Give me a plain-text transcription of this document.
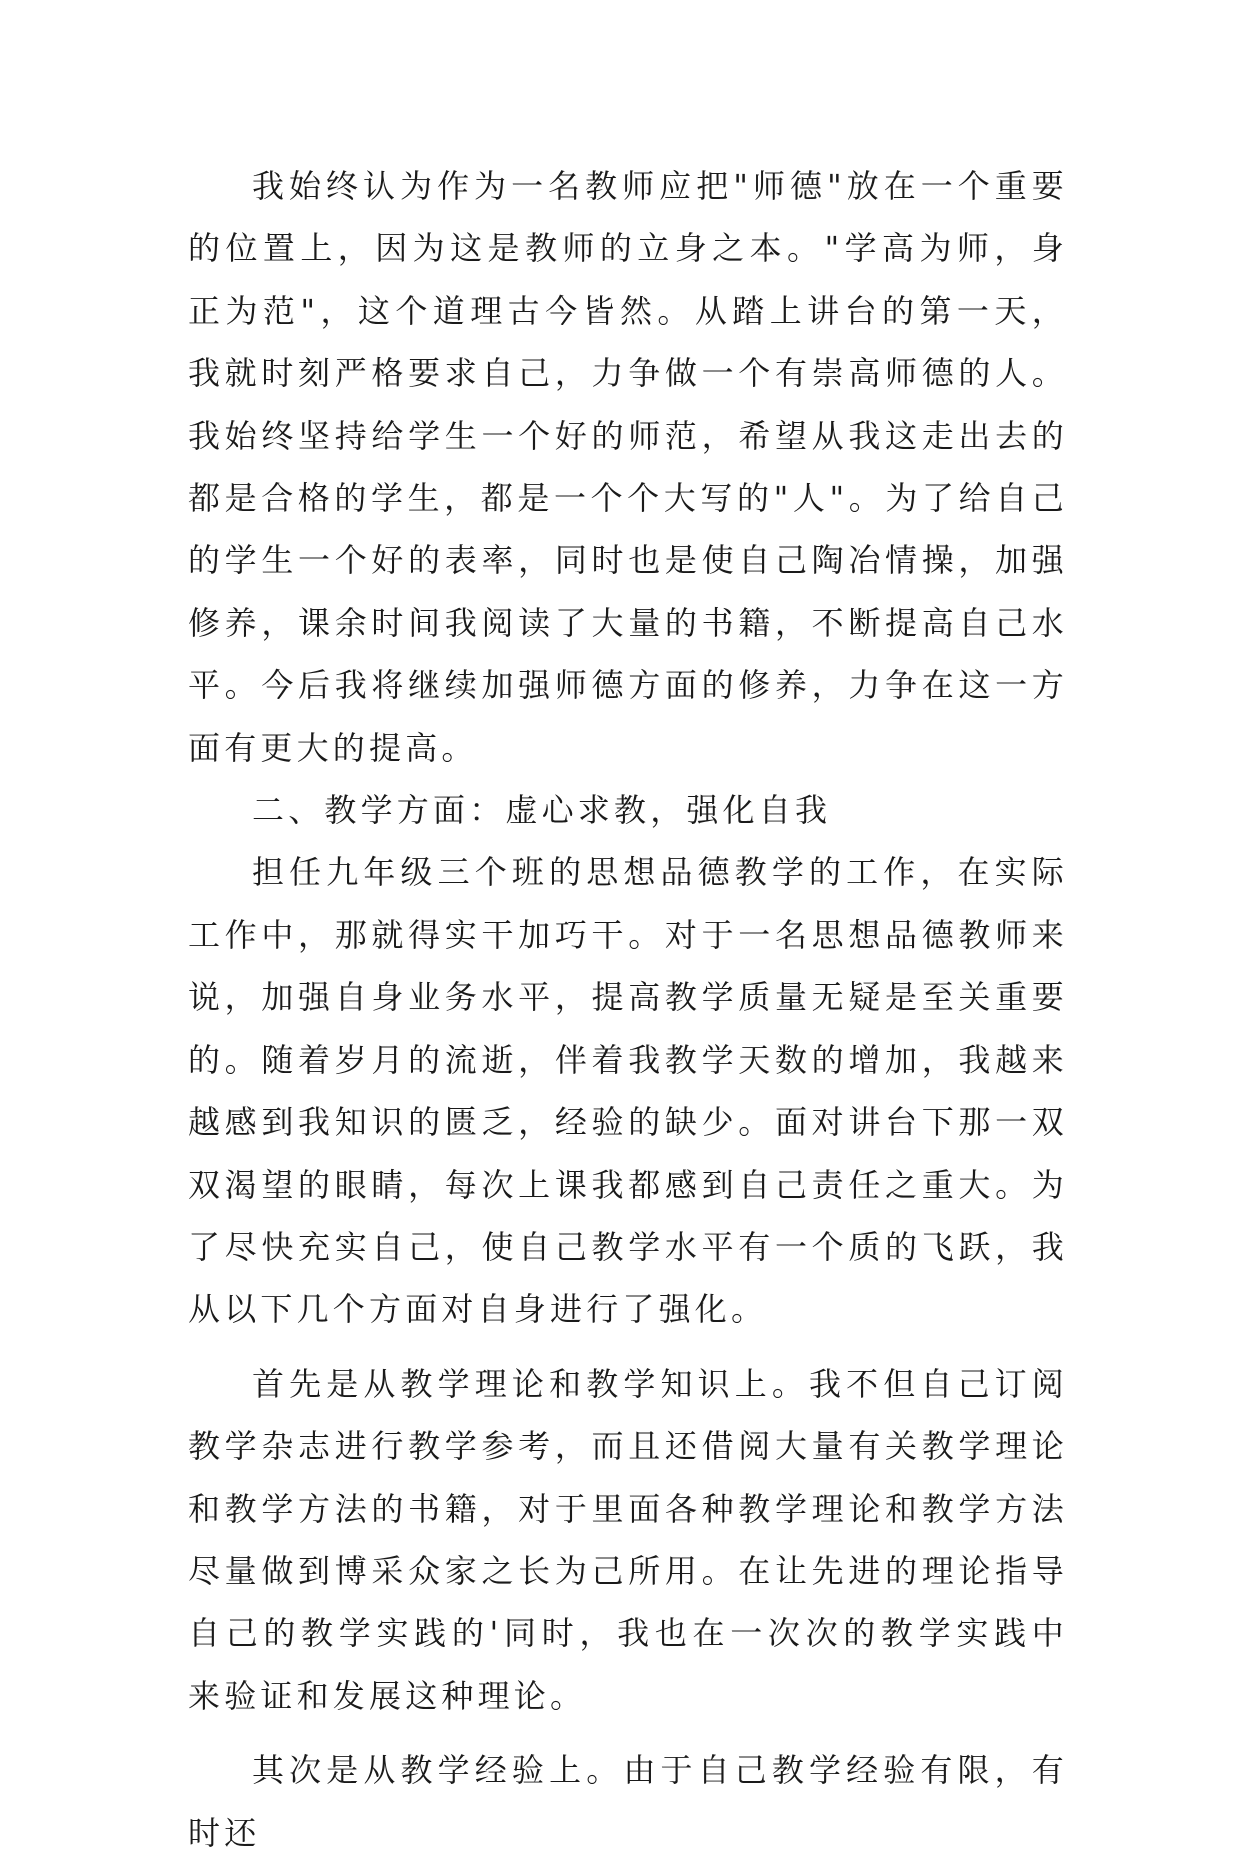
我始终认为作为一名教师应把"师德"放在一个重要的位置上，因为这是教师的立身之本。"学高为师，身正为范"，这个道理古今皆然。从踏上讲台的第一天，我就时刻严格要求自己，力争做一个有崇高师德的人。我始终坚持给学生一个好的师范，希望从我这走出去的都是合格的学生，都是一个个大写的"人"。为了给自己的学生一个好的表率，同时也是使自己陶冶情操，加强修养，课余时间我阅读了大量的书籍，不断提高自己水平。今后我将继续加强师德方面的修养，力争在这一方面有更大的提高。

二、教学方面：虚心求教，强化自我

担任九年级三个班的思想品德教学的工作，在实际工作中，那就得实干加巧干。对于一名思想品德教师来说，加强自身业务水平，提高教学质量无疑是至关重要的。随着岁月的流逝，伴着我教学天数的增加，我越来越感到我知识的匮乏，经验的缺少。面对讲台下那一双双渴望的眼睛，每次上课我都感到自己责任之重大。为了尽快充实自己，使自己教学水平有一个质的飞跃，我从以下几个方面对自身进行了强化。

首先是从教学理论和教学知识上。我不但自己订阅教学杂志进行教学参考，而且还借阅大量有关教学理论和教学方法的书籍，对于里面各种教学理论和教学方法尽量做到博采众家之长为己所用。在让先进的理论指导自己的教学实践的'同时，我也在一次次的教学实践中来验证和发展这种理论。

其次是从教学经验上。由于自己教学经验有限，有时还
